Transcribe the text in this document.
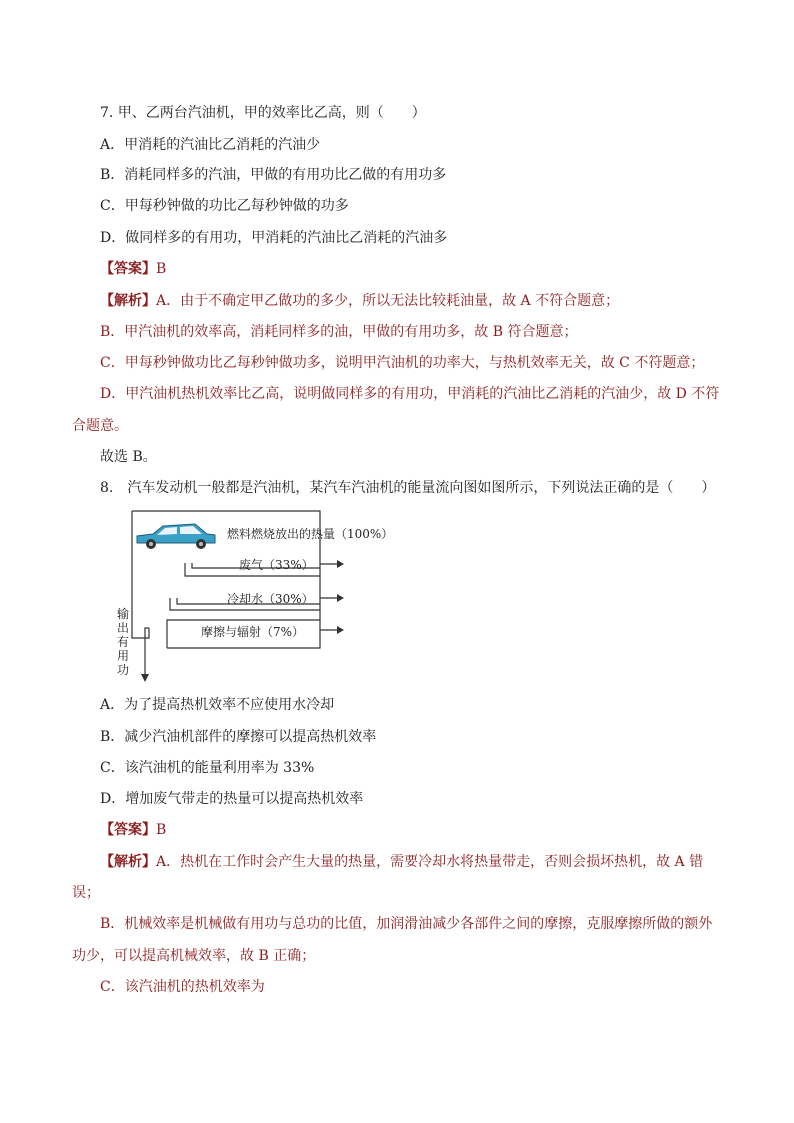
7. 甲、乙两台汽油机，甲的效率比乙高，则（　　）
A．甲消耗的汽油比乙消耗的汽油少
B．消耗同样多的汽油，甲做的有用功比乙做的有用功多
C．甲每秒钟做的功比乙每秒钟做的功多
D．做同样多的有用功，甲消耗的汽油比乙消耗的汽油多
【答案】B
【解析】A．由于不确定甲乙做功的多少，所以无法比较耗油量，故 A 不符合题意；
B．甲汽油机的效率高，消耗同样多的油，甲做的有用功多，故 B 符合题意；
C．甲每秒钟做功比乙每秒钟做功多，说明甲汽油机的功率大，与热机效率无关，故 C 不符题意；
D．甲汽油机热机效率比乙高，说明做同样多的有用功，甲消耗的汽油比乙消耗的汽油少，故 D 不符
合题意。
故选 B。
8.　汽车发动机一般都是汽油机，某汽车汽油机的能量流向图如图所示，下列说法正确的是（　　）
燃料燃烧放出的热量（100%）
废气（33%）
冷却水（30%）
摩擦与辐射（7%）
输
出
有
用
功
A．为了提高热机效率不应使用水冷却
B．减少汽油机部件的摩擦可以提高热机效率
C．该汽油机的能量利用率为 33%
D．增加废气带走的热量可以提高热机效率
【答案】B
【解析】A．热机在工作时会产生大量的热量，需要冷却水将热量带走，否则会损坏热机，故 A 错
误；
B．机械效率是机械做有用功与总功的比值，加润滑油减少各部件之间的摩擦，克服摩擦所做的额外
功少，可以提高机械效率，故 B 正确；
C．该汽油机的热机效率为
